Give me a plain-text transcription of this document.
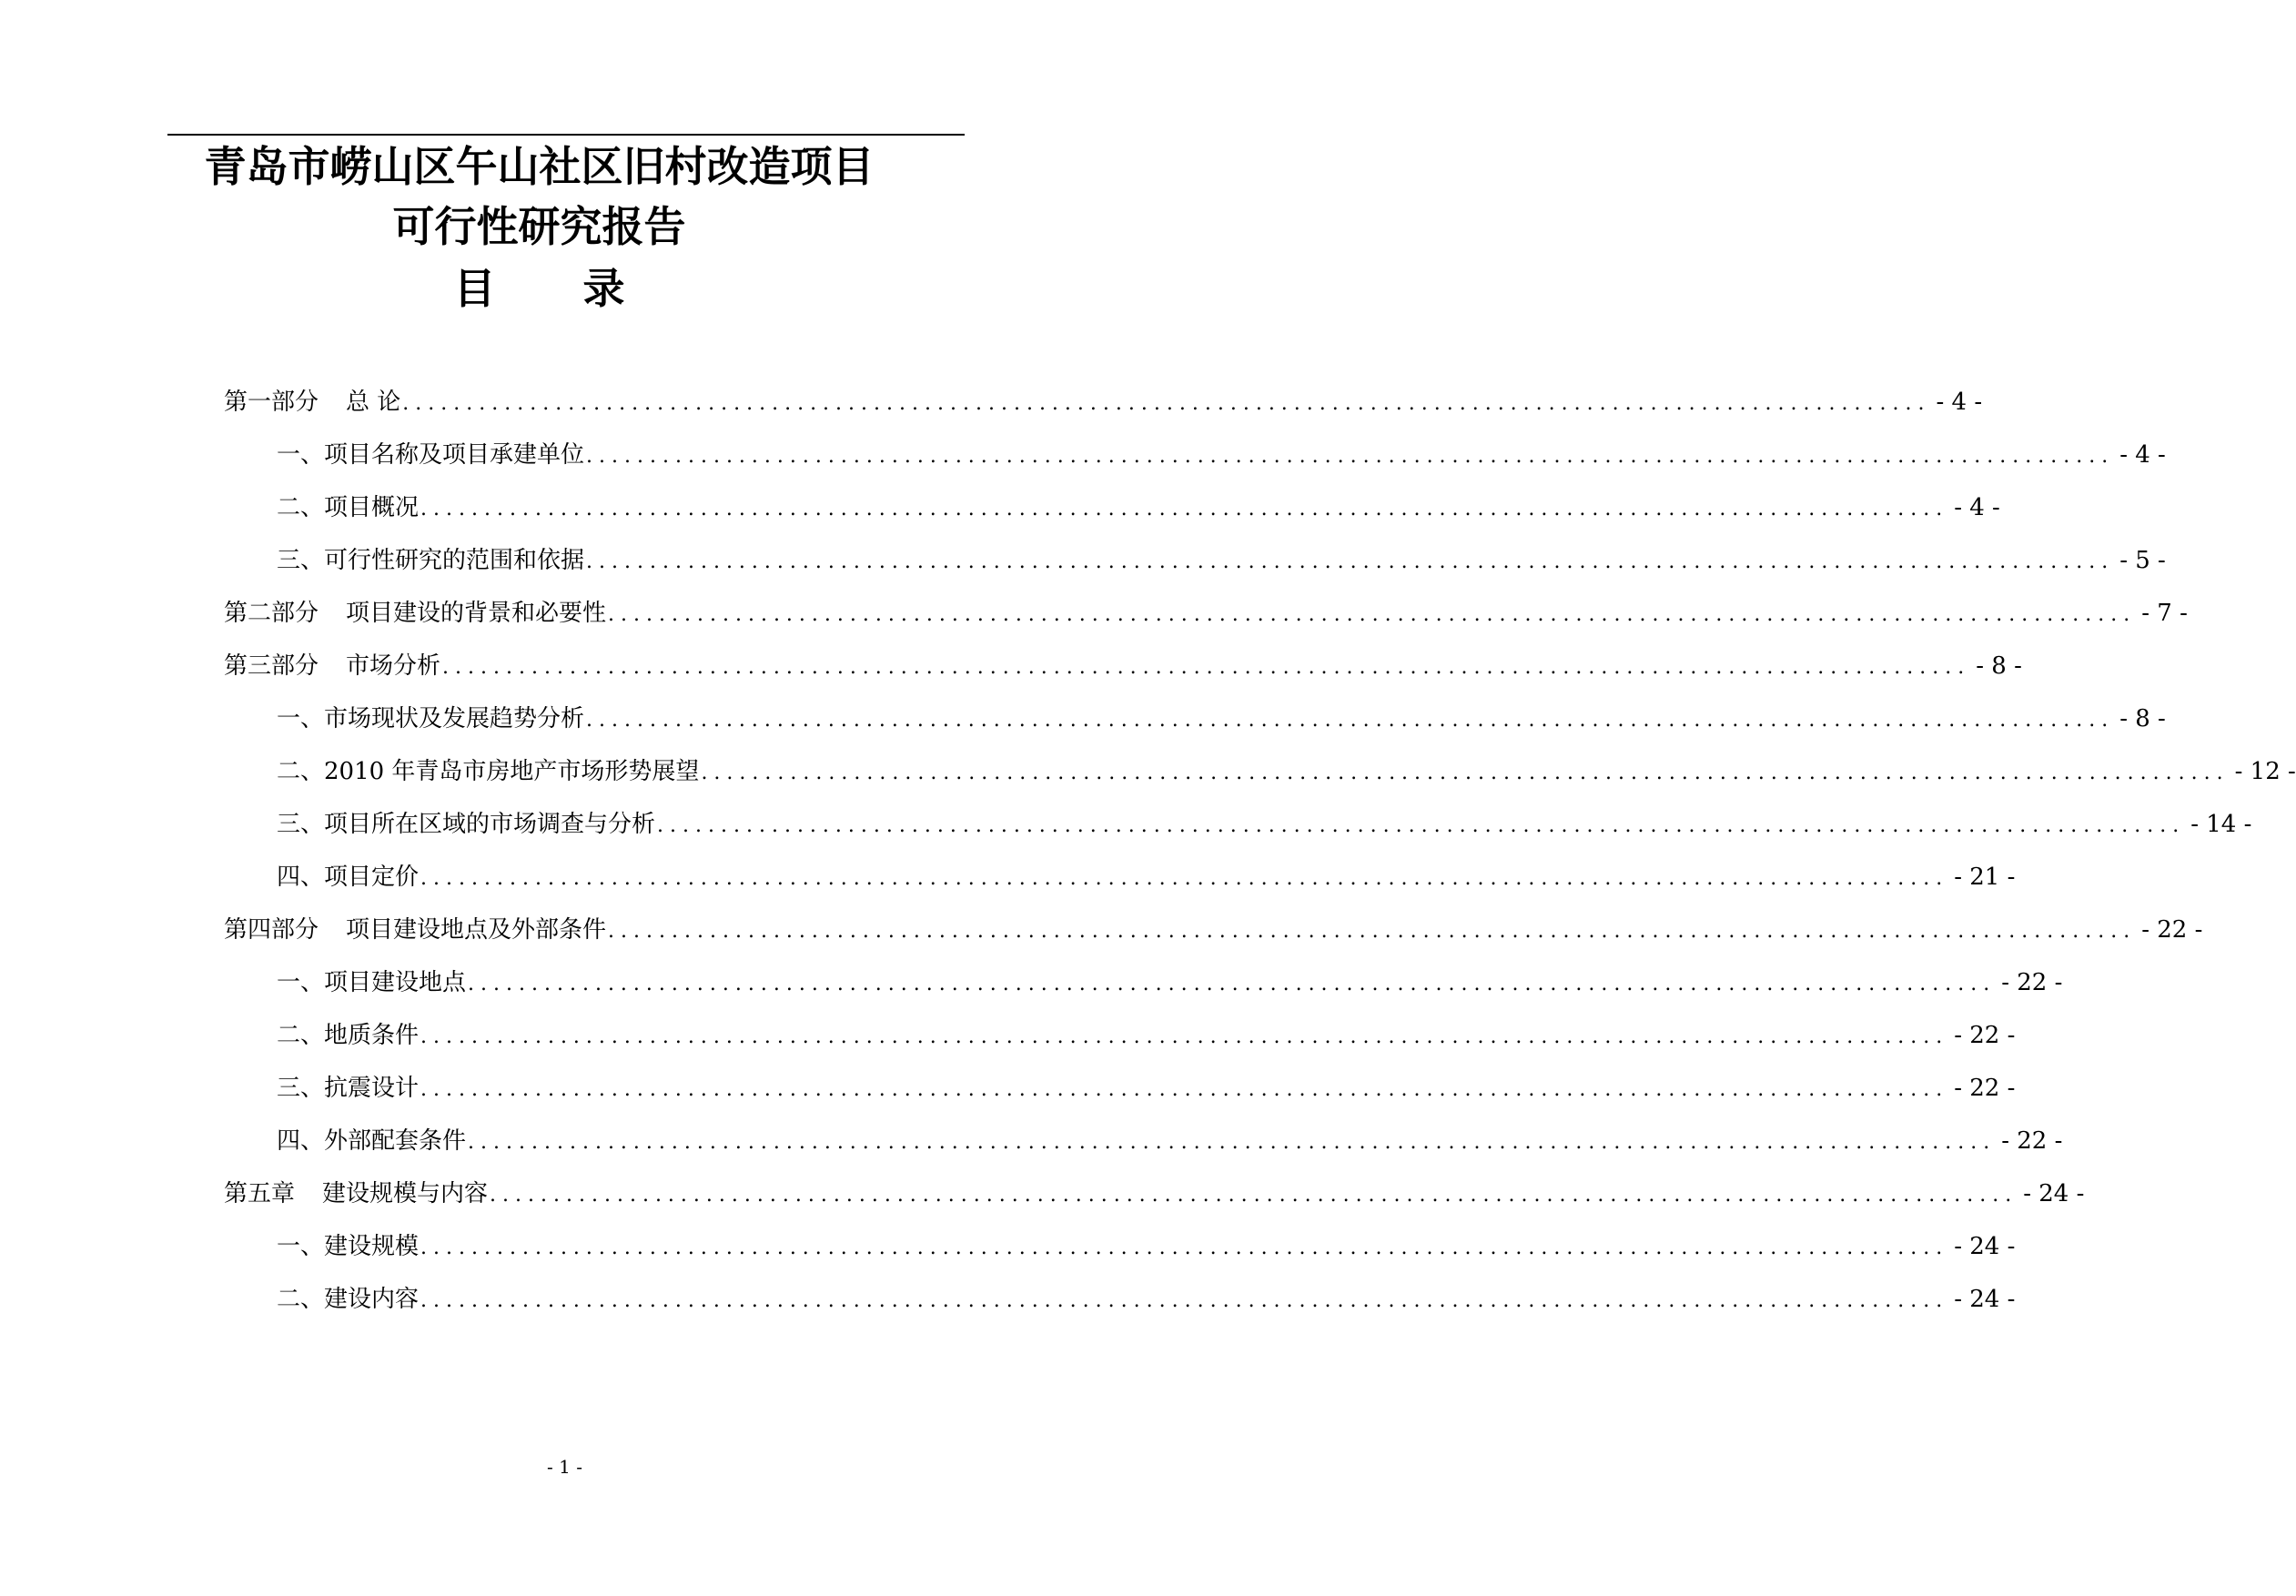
青岛市崂山区午山社区旧村改造项目
可行性研究报告
目 录
第一部分 总 论 ........................................................................................................................ - 4 -
一、项目名称及项目承建单位 ........................................................................................................................ - 4 -
二、项目概况 ........................................................................................................................ - 4 -
三、可行性研究的范围和依据 ........................................................................................................................ - 5 -
第二部分 项目建设的背景和必要性 ........................................................................................................................ - 7 -
第三部分 市场分析 ........................................................................................................................ - 8 -
一、市场现状及发展趋势分析 ........................................................................................................................ - 8 -
二、2010 年青岛市房地产市场形势展望 ........................................................................................................................ - 12 -
三、项目所在区域的市场调查与分析 ........................................................................................................................ - 14 -
四、项目定价 ........................................................................................................................ - 21 -
第四部分 项目建设地点及外部条件 ........................................................................................................................ - 22 -
一、项目建设地点 ........................................................................................................................ - 22 -
二、地质条件 ........................................................................................................................ - 22 -
三、抗震设计 ........................................................................................................................ - 22 -
四、外部配套条件 ........................................................................................................................ - 22 -
第五章 建设规模与内容 ........................................................................................................................ - 24 -
一、建设规模 ........................................................................................................................ - 24 -
二、建设内容 ........................................................................................................................ - 24 -
- 1 -
